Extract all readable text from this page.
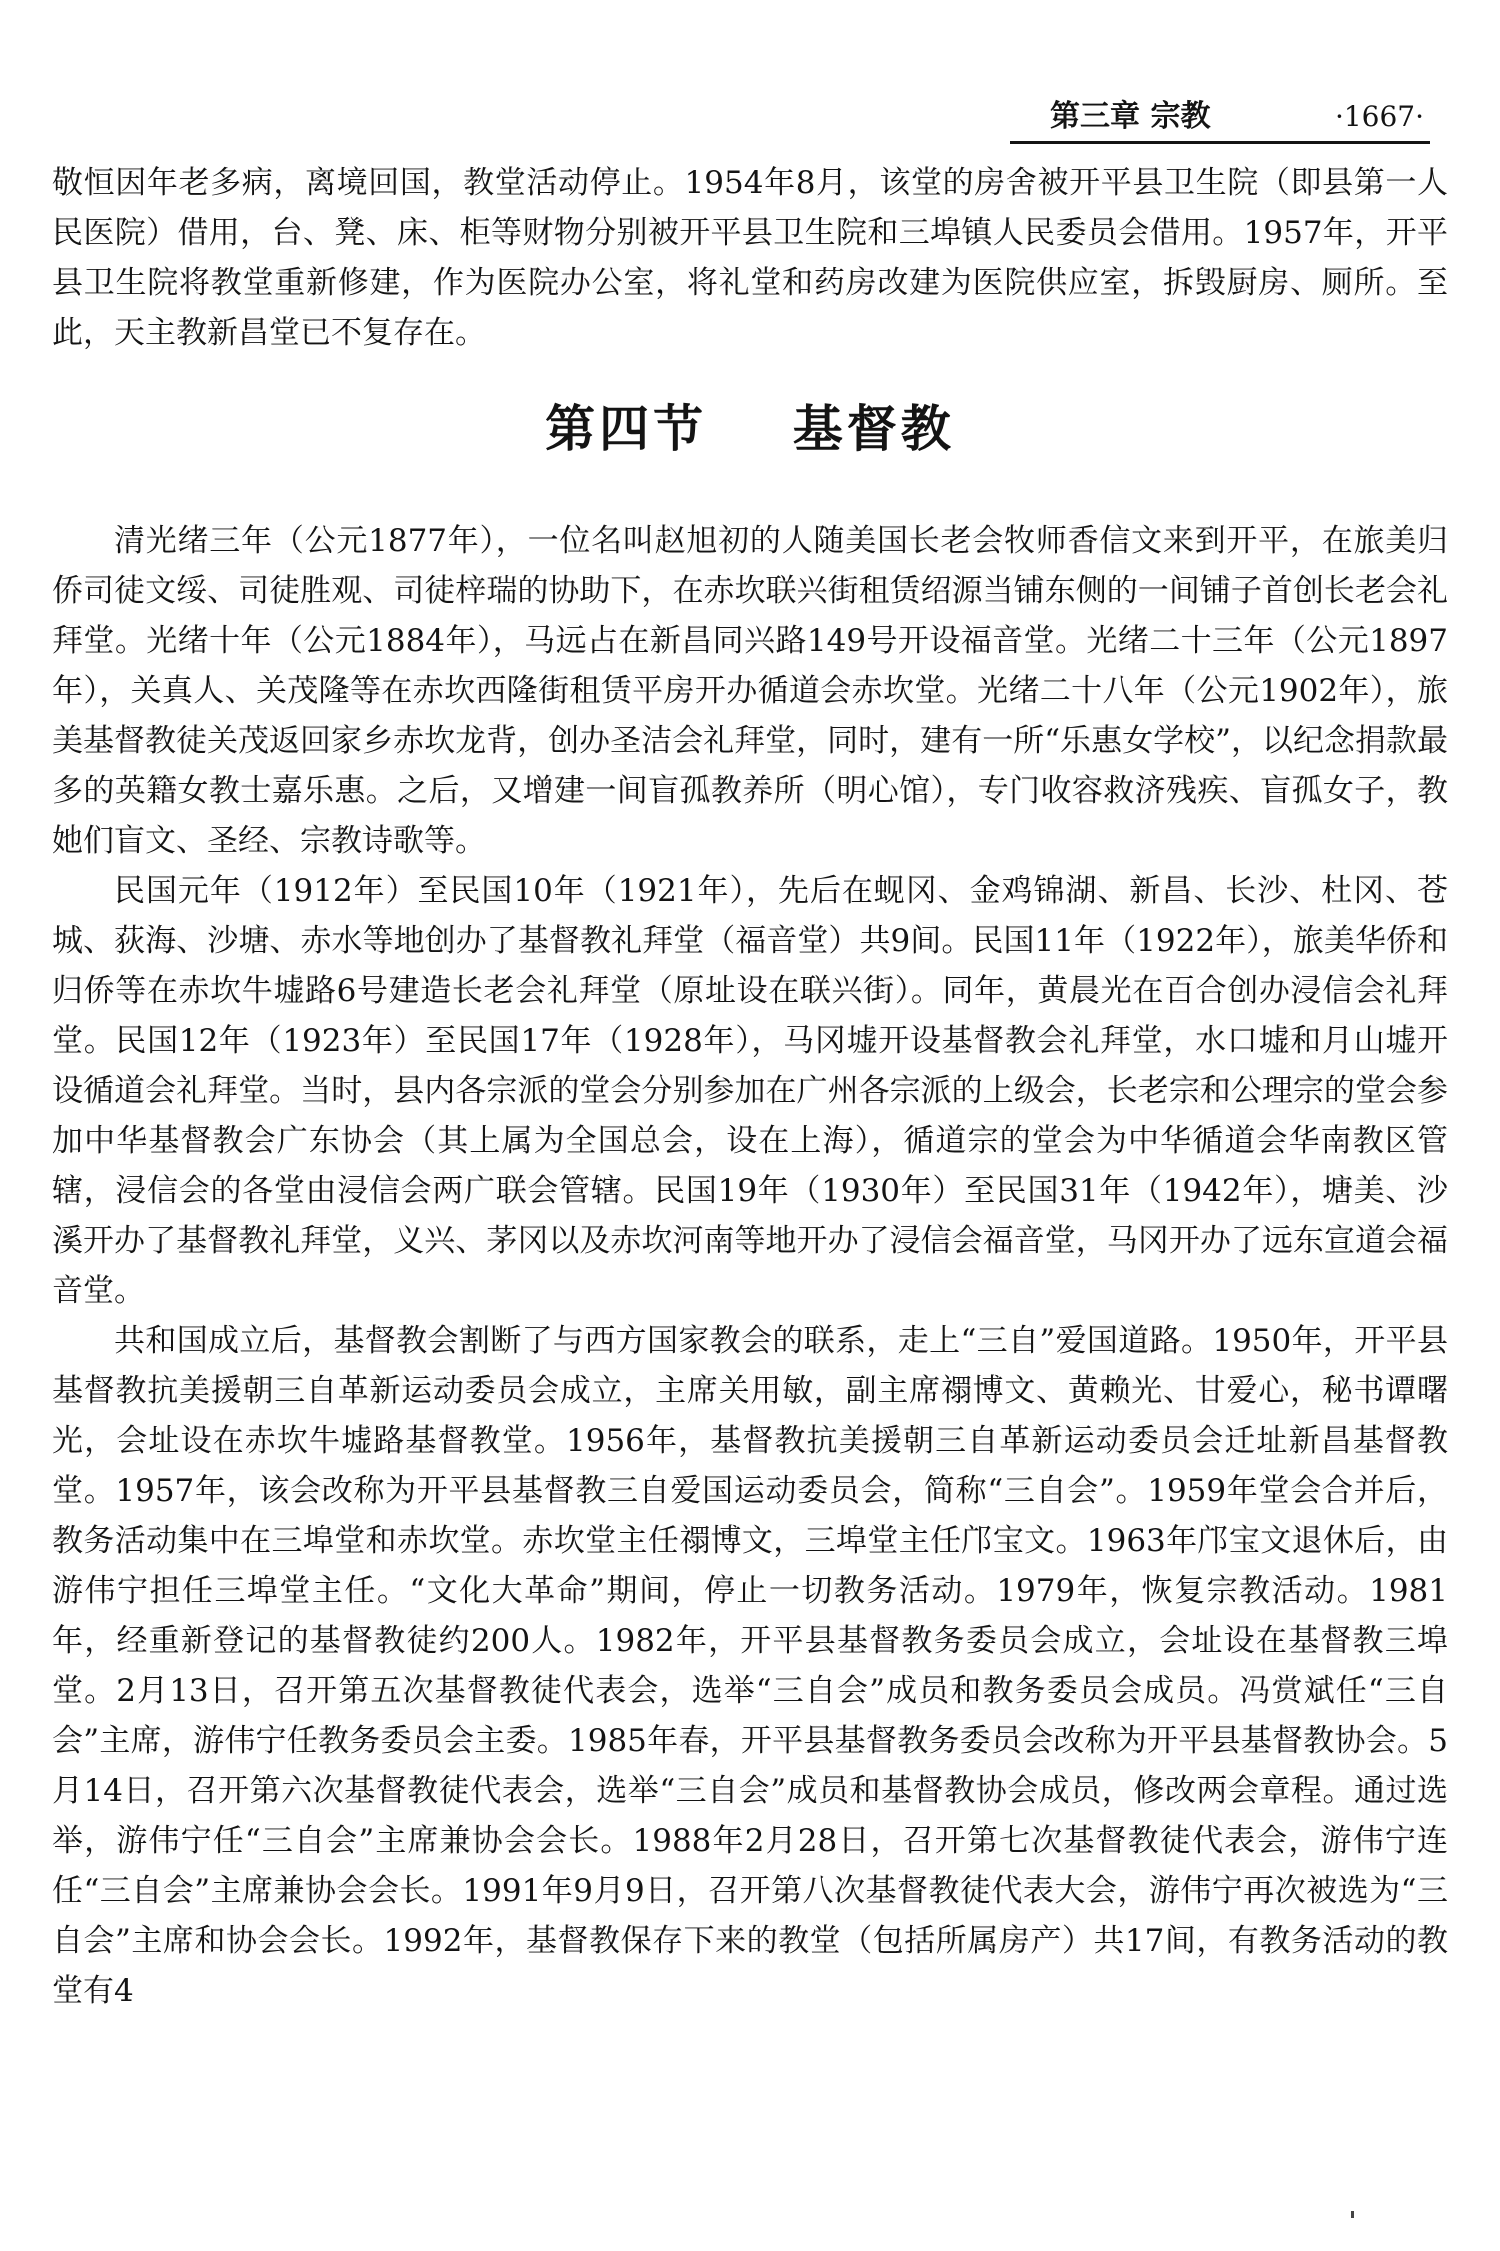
第三章 宗教	·1667·

敬恒因年老多病，离境回国，教堂活动停止。1954年8月，该堂的房舍被开平县卫生院（即县第一人民医院）借用，台、凳、床、柜等财物分别被开平县卫生院和三埠镇人民委员会借用。1957年，开平县卫生院将教堂重新修建，作为医院办公室，将礼堂和药房改建为医院供应室，拆毁厨房、厕所。至此，天主教新昌堂已不复存在。

第四节    基督教

清光绪三年（公元1877年），一位名叫赵旭初的人随美国长老会牧师香信文来到开平，在旅美归侨司徒文绥、司徒胜观、司徒梓瑞的协助下，在赤坎联兴街租赁绍源当铺东侧的一间铺子首创长老会礼拜堂。光绪十年（公元1884年），马远占在新昌同兴路149号开设福音堂。光绪二十三年（公元1897年），关真人、关茂隆等在赤坎西隆街租赁平房开办循道会赤坎堂。光绪二十八年（公元1902年），旅美基督教徒关茂返回家乡赤坎龙背，创办圣洁会礼拜堂，同时，建有一所“乐惠女学校”，以纪念捐款最多的英籍女教士嘉乐惠。之后，又增建一间盲孤教养所（明心馆），专门收容救济残疾、盲孤女子，教她们盲文、圣经、宗教诗歌等。

民国元年（1912年）至民国10年（1921年），先后在蚬冈、金鸡锦湖、新昌、长沙、杜冈、苍城、荻海、沙塘、赤水等地创办了基督教礼拜堂（福音堂）共9间。民国11年（1922年），旅美华侨和归侨等在赤坎牛墟路6号建造长老会礼拜堂（原址设在联兴街）。同年，黄晨光在百合创办浸信会礼拜堂。民国12年（1923年）至民国17年（1928年），马冈墟开设基督教会礼拜堂，水口墟和月山墟开设循道会礼拜堂。当时，县内各宗派的堂会分别参加在广州各宗派的上级会，长老宗和公理宗的堂会参加中华基督教会广东协会（其上属为全国总会，设在上海），循道宗的堂会为中华循道会华南教区管辖，浸信会的各堂由浸信会两广联会管辖。民国19年（1930年）至民国31年（1942年），塘美、沙溪开办了基督教礼拜堂，义兴、茅冈以及赤坎河南等地开办了浸信会福音堂，马冈开办了远东宣道会福音堂。

共和国成立后，基督教会割断了与西方国家教会的联系，走上“三自”爱国道路。1950年，开平县基督教抗美援朝三自革新运动委员会成立，主席关用敏，副主席禤博文、黄赖光、甘爱心，秘书谭曙光，会址设在赤坎牛墟路基督教堂。1956年，基督教抗美援朝三自革新运动委员会迁址新昌基督教堂。1957年，该会改称为开平县基督教三自爱国运动委员会，简称“三自会”。1959年堂会合并后，教务活动集中在三埠堂和赤坎堂。赤坎堂主任禤博文，三埠堂主任邝宝文。1963年邝宝文退休后，由游伟宁担任三埠堂主任。“文化大革命”期间，停止一切教务活动。1979年，恢复宗教活动。1981年，经重新登记的基督教徒约200人。1982年，开平县基督教务委员会成立，会址设在基督教三埠堂。2月13日，召开第五次基督教徒代表会，选举“三自会”成员和教务委员会成员。冯赏斌任“三自会”主席，游伟宁任教务委员会主委。1985年春，开平县基督教务委员会改称为开平县基督教协会。5月14日，召开第六次基督教徒代表会，选举“三自会”成员和基督教协会成员，修改两会章程。通过选举，游伟宁任“三自会”主席兼协会会长。1988年2月28日，召开第七次基督教徒代表会，游伟宁连任“三自会”主席兼协会会长。1991年9月9日，召开第八次基督教徒代表大会，游伟宁再次被选为“三自会”主席和协会会长。1992年，基督教保存下来的教堂（包括所属房产）共17间，有教务活动的教堂有4
